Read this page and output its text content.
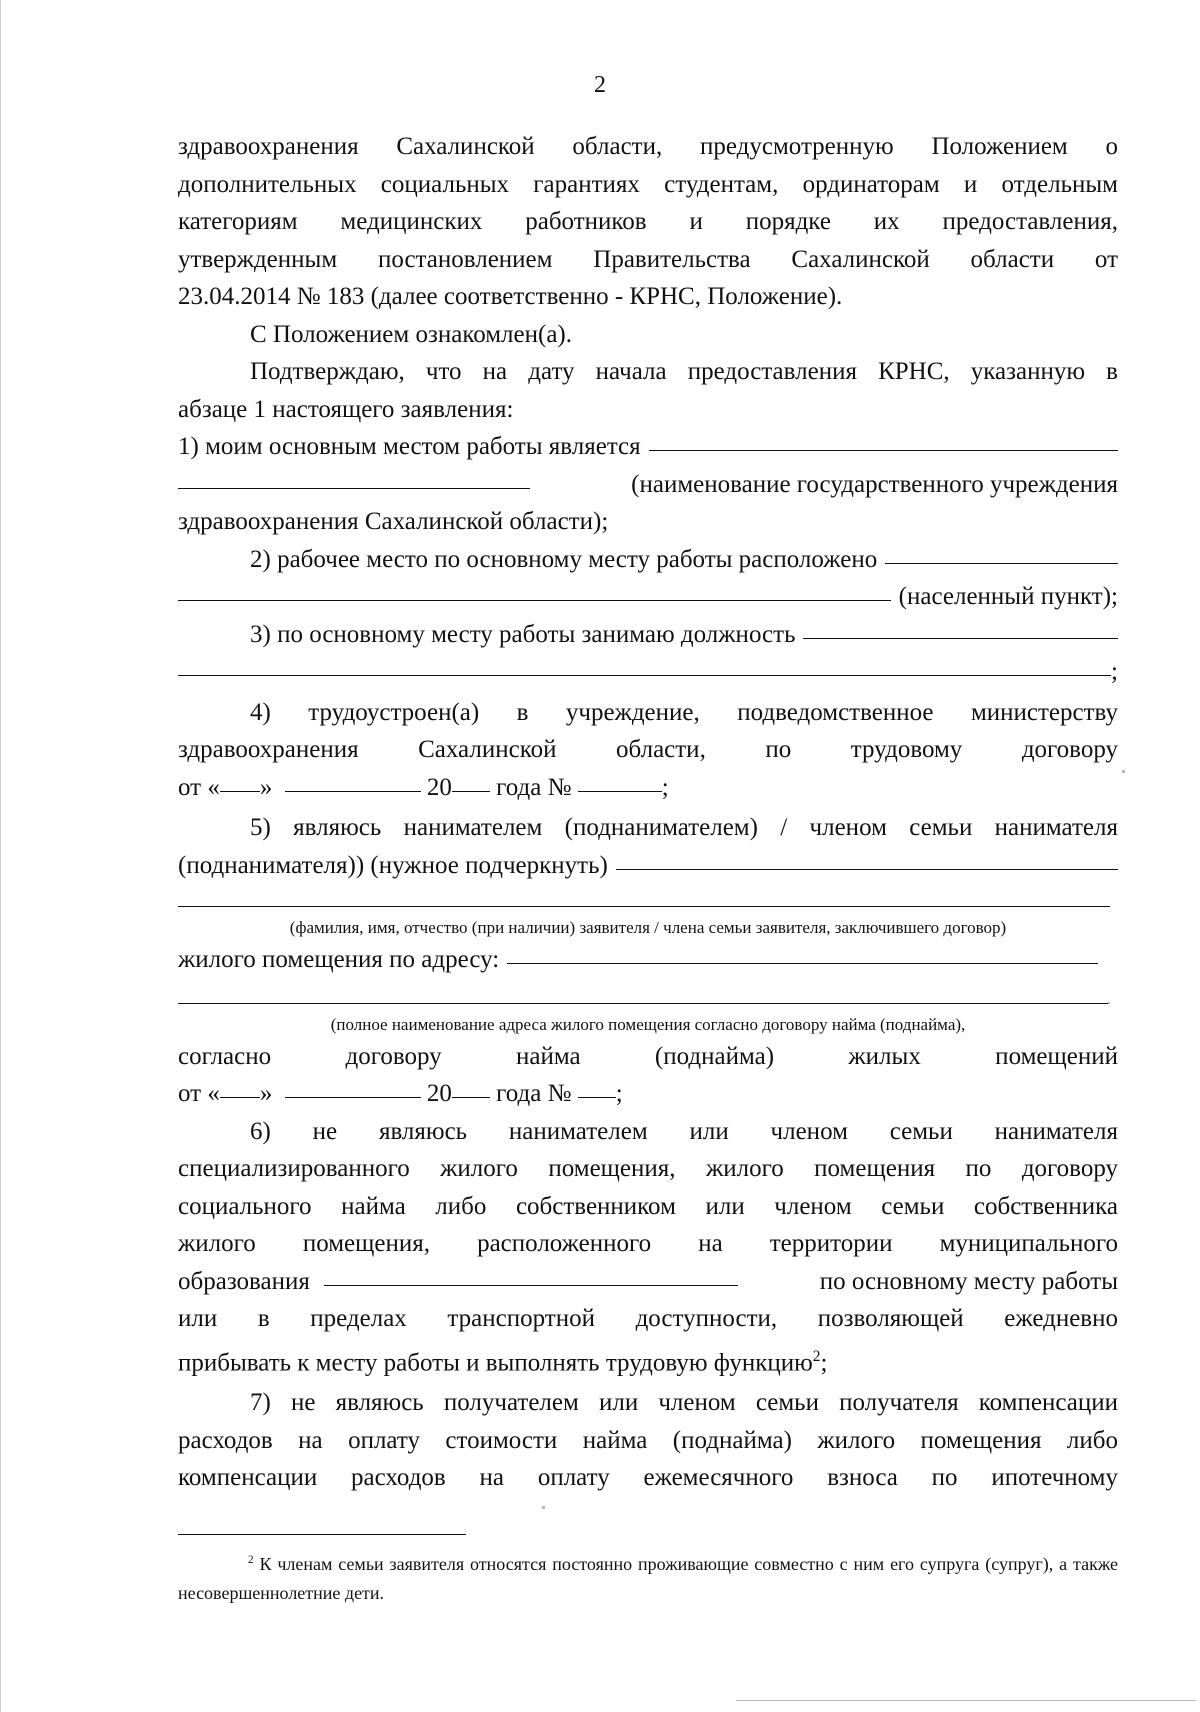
2

здравоохранения Сахалинской области, предусмотренную Положением о

дополнительных социальных гарантиях студентам, ординаторам и отдельным

категориям медицинских работников и порядке их предоставления,

утвержденным постановлением Правительства Сахалинской области от

23.04.2014 № 183 (далее соответственно - КРНС, Положение).

С Положением ознакомлен(а).

Подтверждаю, что на дату начала предоставления КРНС, указанную в

абзаце 1 настоящего заявления:

1) моим основным местом работы является
(наименование государственного учреждения

здравоохранения Сахалинской области);

2) рабочее место по основному месту работы расположено
(населенный пункт);
3) по основному месту работы занимаю должность
;

4) трудоустроен(а) в учреждение, подведомственное министерству

здравоохранения Сахалинской области, по трудовому договору

от « »	20 года №	;

5) являюсь нанимателем (поднанимателем) / членом семьи нанимателя

(поднанимателя)) (нужное подчеркнуть)
(фамилия, имя, отчество (при наличии) заявителя / члена семьи заявителя, заключившего договор)
жилого помещения по адресу:
(полное наименование адреса жилого помещения согласно договору найма (поднайма),

согласно договору найма (поднайма) жилых помещений

от « »	20 года № ;

6) не являюсь нанимателем или членом семьи нанимателя

специализированного жилого помещения, жилого помещения по договору

социального найма либо собственником или членом семьи собственника

жилого помещения, расположенного на территории муниципального

образования	по основному месту работы

или в пределах транспортной доступности, позволяющей ежедневно

прибывать к месту работы и выполнять трудовую функцию$^2$;

7) не являюсь получателем или членом семьи получателя компенсации

расходов на оплату стоимости найма (поднайма) жилого помещения либо

компенсации расходов на оплату ежемесячного взноса по ипотечному

$^2$ К членам семьи заявителя относятся постоянно проживающие совместно с ним его супруга (супруг), а также несовершеннолетние дети.
